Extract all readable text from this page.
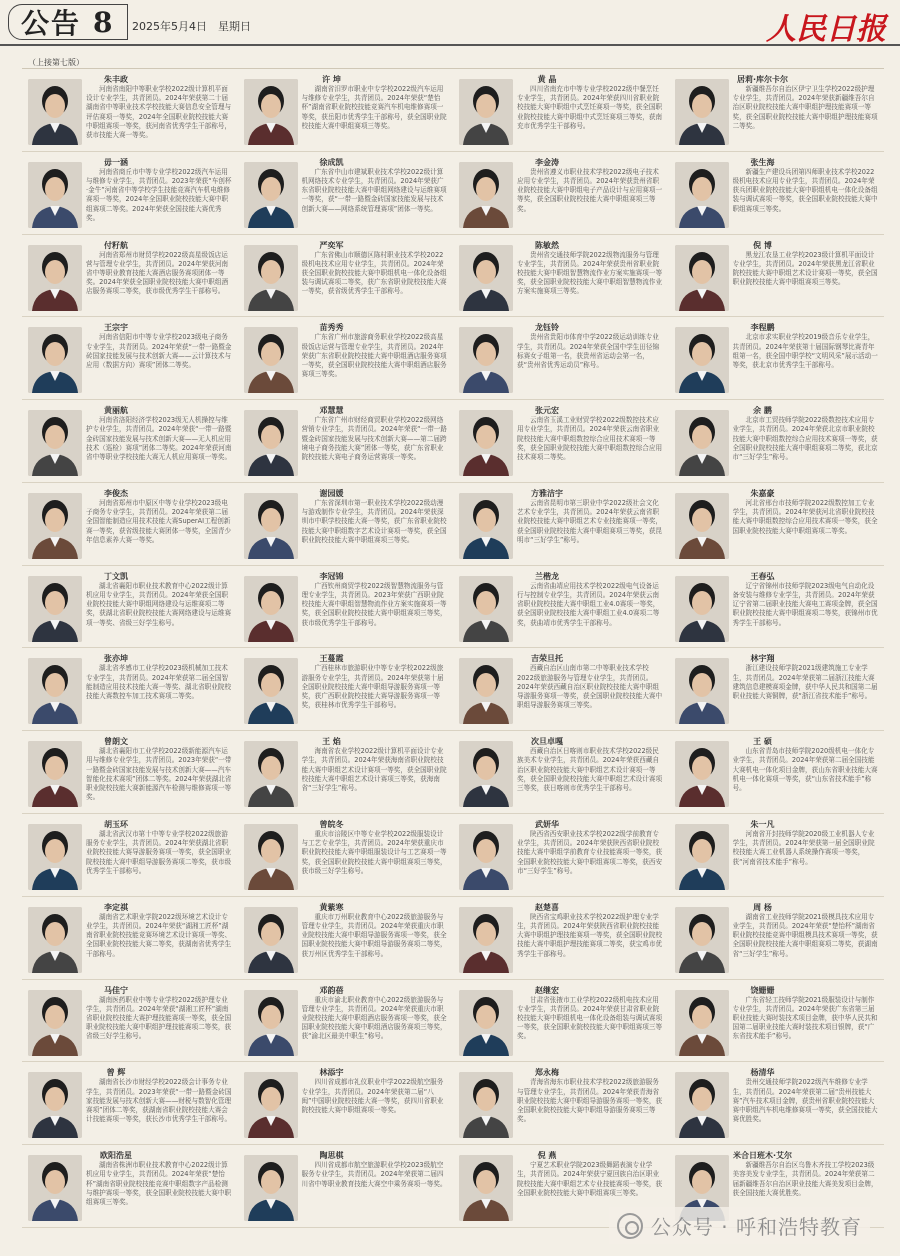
公告 8 2025年5月4日　星期日	人民日报
（上接第七版）
朱丰政
河南省南阳中等职业学校2022级计算机平面设计专业学生，共青团员。2024年荣获第二十届湖南省中等职业技术学校技能大赛信息安全管理与评估赛项一等奖，2024年全国职业院校技能大赛中职组赛项一等奖，获河南省优秀学生干部称号，获市技能大赛一等奖。
毋一涵
河南省商丘市中等专业学校2022级汽车运用与维修专业学生，共青团员。2023年荣获“车创杯·金牛”河南省中等学校学生技能竞赛汽车机电维修赛项一等奖，2024年全国职业院校技能大赛中职组赛项二等奖。2024年荣获全国技能大赛优秀奖。
付籽航
河南省郑州市财贸学校2022级高星级饭店运营与管理专业学生，共青团员。2024年荣获河南省中等职业教育技能大赛酒店服务赛项团体一等奖。2024年荣获全国职业院校技能大赛中职组酒店服务赛项二等奖，获市级优秀学生干部称号。
王宗宇
河南省信阳市中等专业学校2023级电子商务专业学生，共青团员。2024年荣获“一带一路暨金砖国家技能发展与技术创新大赛——云计算技术与应用（数据方向）赛项”团体二等奖。
黄丽航
河南省洛阳经济学校2023级无人机操控与维护专业学生，共青团员。2024年荣获“一带一路暨金砖国家技能发展与技术创新大赛——无人机应用技术（巡检）赛项”团体二等奖。2024年荣获河南省中等职业学校技能大赛无人机应用赛项一等奖。
李俊杰
河南省郑州市中原区中等专业学校2023级电子商务专业学生，共青团员。2024年荣获第二届全国智能制造应用技术技能大赛SuperAI工程创新赛一等奖，获省级技能大赛团体一等奖，全国青少年信息素养大赛一等奖。
丁文凯
湖北省襄阳市职业技术教育中心2022级计算机应用专业学生，共青团员。2024年荣获全国职业院校技能大赛中职组网络建设与运维赛项二等奖，获湖北省职业院校技能大赛网络建设与运维赛项一等奖、省级三好学生称号。
张亦坤
湖北省孝感市工业学校2023级机械加工技术专业学生，共青团员。2024年荣获第二届全国智能制造应用技术技能大赛一等奖、湖北省职业院校技能大赛数控车加工技术赛项二等奖。
曾朗文
湖北省襄阳市工业学校2022级新能源汽车运用与维修专业学生，共青团员。2023年荣获“一带一路暨金砖国家技能发展与技术创新大赛——汽车智能化技术赛项”团体二等奖。2024年荣获湖北省职业院校技能大赛新能源汽车检测与维修赛项一等奖。
胡玉环
湖北省武汉市第十中等专业学校2022级旅游服务专业学生，共青团员。2024年荣获湖北省职业院校技能大赛导游服务赛项一等奖，获全国职业院校技能大赛中职组导游服务赛项二等奖，获市级优秀学生干部称号。
李定祺
湖南省艺术职业学院2022级环境艺术设计专业学生，共青团员。2024年荣获“湖湘工匠杯”湖南省职业院校技能竞赛环境艺术设计赛项一等奖、全国职业院校技能大赛二等奖，获湖南省优秀学生干部称号。
马佳宁
湖南医药职业中等专业学校2022级护理专业学生，共青团员。2024年荣获“湖湘工匠杯”湖南省职业院校技能大赛护理技能赛项一等奖，获全国职业院校技能大赛中职组护理技能赛项二等奖，获省级三好学生称号。
曾 辉
湖南省长沙市财经学校2022级会计事务专业学生，共青团员。2023年荣获“一带一路暨金砖国家技能发展与技术创新大赛——财税与数智化管理赛项”团体二等奖，获湖南省职业院校技能大赛会计技能赛项一等奖，获长沙市优秀学生干部称号。
欧阳浩星
湖南省株洲市职业技术教育中心2022级计算机应用专业学生，共青团员。2024年荣获“楚怡杯”湖南省职业院校技能竞赛中职组数字产品检测与维护赛项一等奖，获全国职业院校技能大赛中职组赛项三等奖。
许 坤
湖南省汨罗市职业中专学校2022级汽车运用与维修专业学生，共青团员。2024年荣获“楚怡杯”湖南省职业院校技能竞赛汽车机电维修赛项一等奖，获岳阳市优秀学生干部称号，获全国职业院校技能大赛中职组赛项三等奖。
徐成凯
广东省中山市建斌职业技术学校2022级计算机网络技术专业学生，共青团员。2024年荣获广东省职业院校技能大赛中职组网络建设与运维赛项一等奖，获“一带一路暨金砖国家技能发展与技术创新大赛——网络系统管理赛项”团体一等奖。
严奕军
广东省佛山市顺德区陈村职业技术学校2022级机电技术应用专业学生，共青团员。2024年荣获全国职业院校技能大赛中职组机电一体化设备组装与调试赛项二等奖，获广东省职业院校技能大赛一等奖，获省级优秀学生干部称号。
苗秀秀
广东省广州市旅游商务职业学校2022级高星级饭店运营与管理专业学生，共青团员。2024年荣获广东省职业院校技能大赛中职组酒店服务赛项一等奖，获全国职业院校技能大赛中职组酒店服务赛项三等奖。
邓慧慧
广东省广州市财经商贸职业学校2022级网络营销专业学生，共青团员。2024年荣获“一带一路暨金砖国家技能发展与技术创新大赛——第二届跨境电子商务技能大赛”团体一等奖，获广东省职业院校技能大赛电子商务运营赛项一等奖。
谢园媛
广东省深圳市第一职业技术学校2022级动漫与游戏制作专业学生，共青团员。2024年荣获深圳市中职学校技能大赛一等奖，获广东省职业院校技能大赛中职组数字艺术设计赛项一等奖，获全国职业院校技能大赛中职组赛项三等奖。
李冠锦
广西钦州商贸学校2022级智慧物流服务与管理专业学生，共青团员。2023年荣获广西职业院校技能大赛中职组智慧物流作业方案实施赛项一等奖，获全国职业院校技能大赛中职组赛项三等奖，获市级优秀学生干部称号。
王蔓霞
广西桂林市旅游职业中等专业学校2022级旅游服务专业学生，共青团员。2024年荣获第十届全国职业院校技能大赛中职组导游服务赛项一等奖，获广西职业院校技能大赛导游服务赛项一等奖，获桂林市优秀学生干部称号。
王 焰
海南省农业学校2022级计算机平面设计专业学生，共青团员。2024年荣获海南省职业院校技能大赛中职组艺术设计赛项一等奖，获全国职业院校技能大赛中职组艺术设计赛项三等奖，获海南省“三好学生”称号。
曾皖冬
重庆市涪陵区中等专业学校2022级服装设计与工艺专业学生，共青团员。2024年荣获重庆市职业院校技能大赛中职组服装设计与工艺赛项一等奖，获全国职业院校技能大赛中职组赛项三等奖，获市级三好学生称号。
黄紫寒
重庆市万州职业教育中心2022级旅游服务与管理专业学生，共青团员。2024年荣获重庆市职业院校技能大赛中职组导游服务赛项一等奖，获全国职业院校技能大赛中职组导游服务赛项二等奖，获万州区优秀学生干部称号。
邓韵蓓
重庆市渝北职业教育中心2022级旅游服务与管理专业学生，共青团员。2024年荣获重庆市职业院校技能大赛中职组酒店服务赛项一等奖，获全国职业院校技能大赛中职组酒店服务赛项三等奖，获“渝北区最美中职生”称号。
林添宇
四川省成都市礼仪职业中学2022级航空服务专业学生，共青团员。2024年荣获第二届“八闽”中国职业院校技能大赛一等奖，获四川省职业院校技能大赛中职组赛项一等奖。
陶思棋
四川省成都市航空旅游职业学校2023级航空服务专业学生，共青团员。2024年荣获第二届四川省中等职业教育技能大赛空中乘务赛项一等奖。
黄 晶
四川省南充市中等专业学校2022级中餐烹饪专业学生，共青团员。2024年荣获四川省职业院校技能大赛中职组中式烹饪赛项一等奖，获全国职业院校技能大赛中职组中式烹饪赛项三等奖，获南充市优秀学生干部称号。
李金涛
贵州省遵义市职业技术学校2022级电子技术应用专业学生，共青团员。2024年荣获贵州省职业院校技能大赛中职组电子产品设计与应用赛项一等奖，获全国职业院校技能大赛中职组赛项三等奖。
陈敏然
贵州省交通技师学院2022级物流服务与管理专业学生，共青团员。2024年荣获贵州省职业院校技能大赛中职组智慧物流作业方案实施赛项一等奖，获全国职业院校技能大赛中职组智慧物流作业方案实施赛项三等奖。
龙钰铃
贵州省贵阳市体育中学2022级运动训练专业学生，共青团员。2024年荣获全国中学生田径锦标赛女子组第一名，获贵州省运动会第一名，获“贵州省优秀运动员”称号。
张元宏
云南省玉溪工业财贸学校2022级数控技术应用专业学生，共青团员。2024年荣获云南省职业院校技能大赛中职组数控综合应用技术赛项一等奖，获全国职业院校技能大赛中职组数控综合应用技术赛项二等奖。
方雅洁宇
云南省昆明市第三职业中学2022级社会文化艺术专业学生，共青团员。2024年荣获云南省职业院校技能大赛中职组艺术专业技能赛项一等奖，获全国职业院校技能大赛中职组赛项三等奖，获昆明市“三好学生”称号。
兰楷龙
云南省曲靖应用技术学校2022级电气设备运行与控制专业学生，共青团员。2024年荣获云南省职业院校技能大赛中职组工业4.0赛项一等奖，获全国职业院校技能大赛中职组工业4.0赛项二等奖，获曲靖市优秀学生干部称号。
吉荣旦托
西藏自治区山南市第二中等职业技术学校2022级旅游服务与管理专业学生，共青团员。2024年荣获西藏自治区职业院校技能大赛中职组导游服务赛项一等奖，获全国职业院校技能大赛中职组导游服务赛项三等奖。
次旦卓嘎
西藏自治区日喀则市职业技术学校2022级民族美术专业学生，共青团员。2024年荣获西藏自治区职业院校技能大赛中职组艺术设计赛项一等奖，获全国职业院校技能大赛中职组艺术设计赛项三等奖，获日喀则市优秀学生干部称号。
武妍华
陕西省西安职业技术学校2022级学前教育专业学生，共青团员。2024年荣获陕西省职业院校技能大赛中职组学前教育专业技能赛项一等奖，获全国职业院校技能大赛中职组赛项二等奖，获西安市“三好学生”称号。
赵楚喜
陕西省宝鸡职业技术学校2022级护理专业学生，共青团员。2024年荣获陕西省职业院校技能大赛中职组护理技能赛项一等奖，获全国职业院校技能大赛中职组护理技能赛项二等奖，获宝鸡市优秀学生干部称号。
赵继宏
甘肃省张掖市工业学校2022级机电技术应用专业学生，共青团员。2024年荣获甘肃省职业院校技能大赛中职组机电一体化设备组装与调试赛项一等奖，获全国职业院校技能大赛中职组赛项三等奖。
郑永梅
青海省海东市职业技术学校2022级旅游服务与管理专业学生，共青团员。2024年荣获青海省职业院校技能大赛中职组导游服务赛项一等奖，获全国职业院校技能大赛中职组导游服务赛项三等奖。
倪 燕
宁夏艺术职业学院2023级舞蹈表演专业学生，共青团员。2024年荣获宁夏回族自治区职业院校技能大赛中职组艺术专业技能赛项一等奖，获全国职业院校技能大赛中职组赛项三等奖。
居莉·库尔卡尔
新疆维吾尔自治区伊宁卫生学校2022级护理专业学生，共青团员。2024年荣获新疆维吾尔自治区职业院校技能大赛中职组护理技能赛项一等奖，获全国职业院校技能大赛中职组护理技能赛项二等奖。
张生海
新疆生产建设兵团第四师职业技术学校2022级机电技术应用专业学生，共青团员。2024年荣获兵团职业院校技能大赛中职组机电一体化设备组装与调试赛项一等奖，获全国职业院校技能大赛中职组赛项三等奖。
倪 博
黑龙江农垦工业学校2023级计算机平面设计专业学生，共青团员。2024年荣获黑龙江省职业院校技能大赛中职组艺术设计赛项一等奖，获全国职业院校技能大赛中职组赛项三等奖。
李程鹏
北京市求实职业学校2019级音乐专业学生，共青团员。2024年荣获第十届国际钢琴比赛青年组第一名，获全国中职学校“文明风采”展示活动一等奖，获北京市优秀学生干部称号。
余 鹏
北京市工贸技师学院2022级数控技术应用专业学生，共青团员。2024年荣获北京市职业院校技能大赛中职组数控综合应用技术赛项一等奖，获全国职业院校技能大赛中职组赛项二等奖，获北京市“三好学生”称号。
朱嘉豪
河北省邢台市技师学院2022级数控加工专业学生，共青团员。2024年荣获河北省职业院校技能大赛中职组数控综合应用技术赛项一等奖，获全国职业院校技能大赛中职组赛项二等奖。
王春弘
辽宁省锦州市技师学院2023级电气自动化设备安装与维修专业学生，共青团员。2024年荣获辽宁省第二届职业技能大赛电工赛项金牌，获全国职业院校技能大赛中职组赛项二等奖，获锦州市优秀学生干部称号。
林宇翔
浙江建设技师学院2021级建筑施工专业学生，共青团员。2024年荣获第二届浙江技能大赛建筑信息建模赛项金牌，获中华人民共和国第二届职业技能大赛铜牌，获“浙江省技术能手”称号。
王 硕
山东省青岛市技师学院2020级机电一体化专业学生，共青团员。2024年荣获第二届全国技能大赛机电一体化项目金牌，获山东省职业技能大赛机电一体化赛项一等奖，获“山东省技术能手”称号。
朱一凡
河南省开封技师学院2020级工业机器人专业学生，共青团员。2024年荣获第一届全国职业院校技能大赛工业机器人系统操作赛项一等奖，获“河南省技术能手”称号。
周 杨
湖南省工业技师学院2021级模具技术应用专业学生，共青团员。2024年荣获“楚怡杯”湖南省职业院校技能竞赛中职组模具技术赛项一等奖，获全国职业院校技能大赛中职组赛项二等奖，获湖南省“三好学生”称号。
饶姗姗
广东省轻工技师学院2021级服装设计与制作专业学生，共青团员。2024年荣获广东省第三届职业技能大赛时装技术项目金牌，获中华人民共和国第二届职业技能大赛时装技术项目银牌，获“广东省技术能手”称号。
杨清华
贵州交通技师学院2022级汽车维修专业学生，共青团员。2024年荣获第二届“贵州技能大赛”汽车技术项目金牌，获贵州省职业院校技能大赛中职组汽车机电维修赛项一等奖，获全国技能大赛优胜奖。
米合日班木·艾尔
新疆维吾尔自治区乌鲁木齐技工学校2023级美容美发专业学生，共青团员。2024年荣获第二届新疆维吾尔自治区职业技能大赛美发项目金牌，获全国技能大赛优胜奖。
公众号 · 呼和浩特教育
